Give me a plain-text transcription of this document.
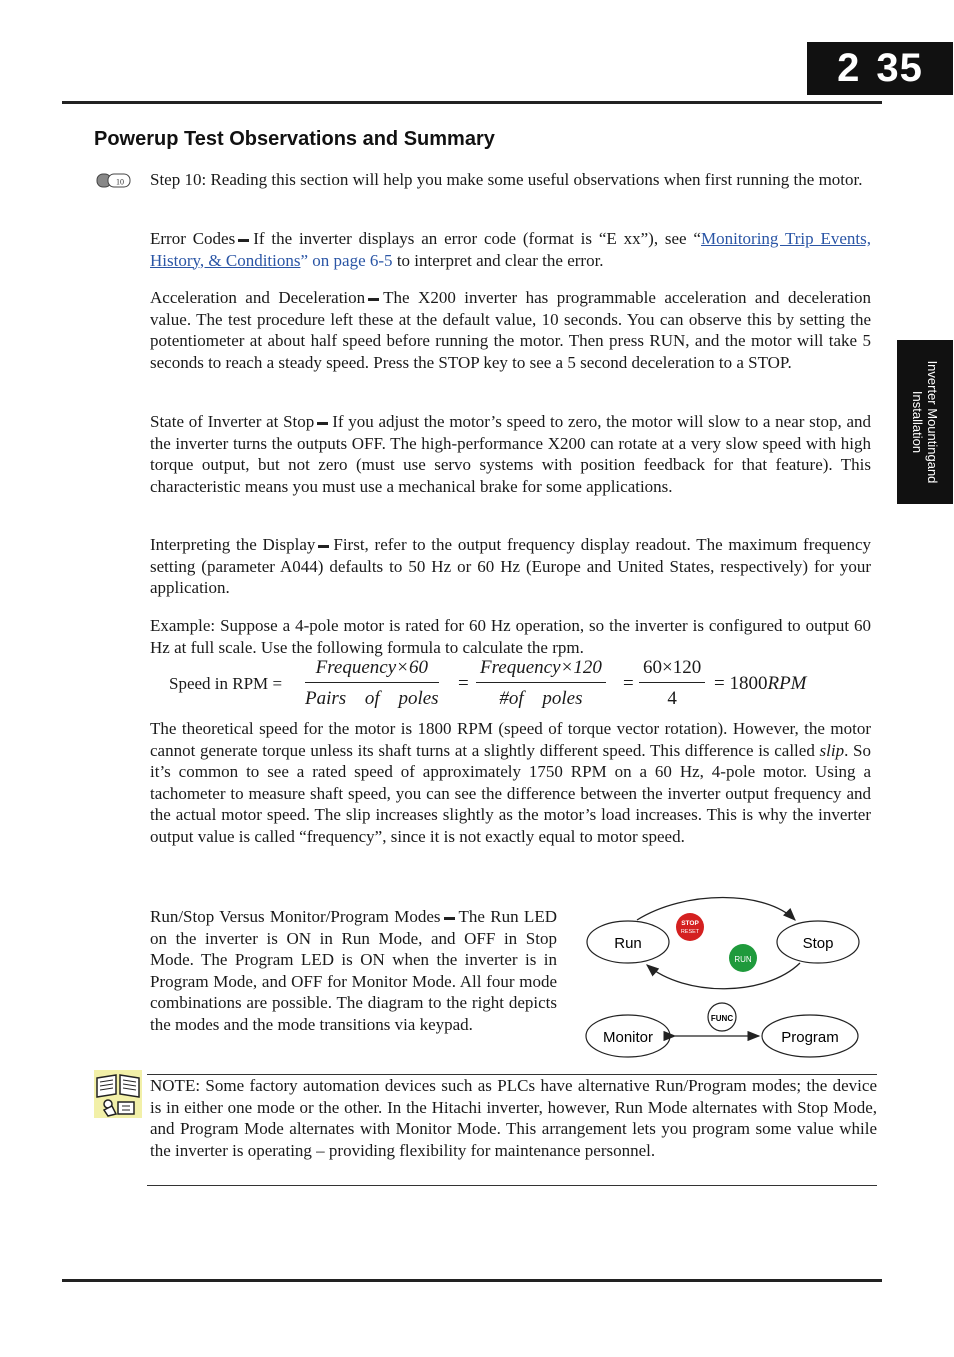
2 35
Inverter Mountingand Installation
Powerup Test Observations and Summary
10 Step 10: Reading this section will help you make some useful observations when first running the motor.
Error Codes If the inverter displays an error code (format is “E xx”), see “Monitoring Trip Events, History, & Conditions” on page 6-5 to interpret and clear the error.
Acceleration and Deceleration The X200 inverter has programmable acceleration and deceleration value. The test procedure left these at the default value, 10 seconds. You can observe this by setting the potentiometer at about half speed before running the motor. Then press RUN, and the motor will take 5 seconds to reach a steady speed. Press the STOP key to see a 5 second deceleration to a STOP.
State of Inverter at Stop If you adjust the motor’s speed to zero, the motor will slow to a near stop, and the inverter turns the outputs OFF. The high-performance X200 can rotate at a very slow speed with high torque output, but not zero (must use servo systems with position feedback for that feature). This characteristic means you must use a mechanical brake for some applications.
Interpreting the Display First, refer to the output frequency display readout. The maximum frequency setting (parameter A044) defaults to 50 Hz or 60 Hz (Europe and United States, respectively) for your application.
Example: Suppose a 4-pole motor is rated for 60 Hz operation, so the inverter is configured to output 60 Hz at full scale. Use the following formula to calculate the rpm.
Speed in RPM =
Frequency×60
Pairs of poles
=
Frequency×120
#of poles
= $\frac{60\times 120}{4} = 1800RPM$
The theoretical speed for the motor is 1800 RPM (speed of torque vector rotation). However, the motor cannot generate torque unless its shaft turns at a slightly different speed. This difference is called slip. So it’s common to see a rated speed of approximately 1750 RPM on a 60 Hz, 4-pole motor. Using a tachometer to measure shaft speed, you can see the difference between the inverter output frequency and the actual motor speed. The slip increases slightly as the motor’s load increases. This is why the inverter output value is called “frequency”, since it is not exactly equal to motor speed.
Run/Stop Versus Monitor/Program Modes The Run LED on the inverter is ON in Run Mode, and OFF in Stop Mode. The Program LED is ON when the inverter is in Program Mode, and OFF for Monitor Mode. All four mode combinations are possible. The diagram to the right depicts the modes and the mode transitions via keypad.
Run	Stop
STOP
RESET
RUN
Monitor	Program
FUNC
NOTE: Some factory automation devices such as PLCs have alternative Run/Program modes; the device is in either one mode or the other. In the Hitachi inverter, however, Run Mode alternates with Stop Mode, and Program Mode alternates with Monitor Mode. This arrangement lets you program some value while the inverter is operating – providing flexibility for maintenance personnel.
